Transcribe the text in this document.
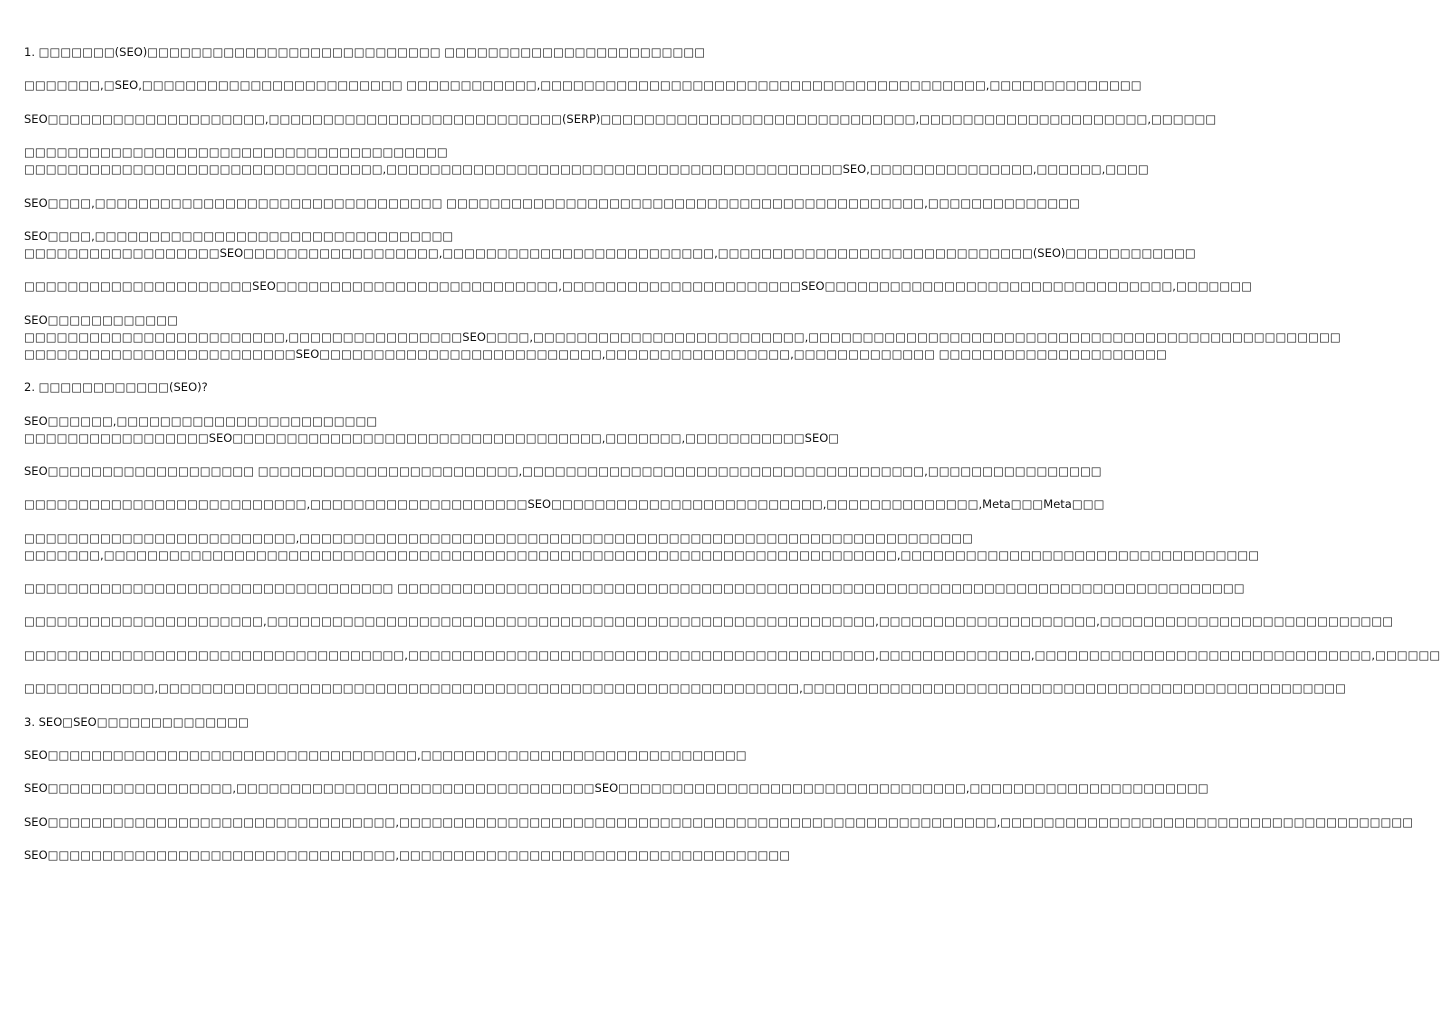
1. □□□□□□□(SEO)□□□□□□□□□□□□□□□□□□□□□□□□□□□ □□□□□□□□□□□□□□□□□□□□□□□□
□□□□□□□,□SEO,□□□□□□□□□□□□□□□□□□□□□□□□ □□□□□□□□□□□□,□□□□□□□□□□□□□□□□□□□□□□□□□□□□□□□□□□□□□□□□□,□□□□□□□□□□□□□□
SEO□□□□□□□□□□□□□□□□□□□□,□□□□□□□□□□□□□□□□□□□□□□□□□□□(SERP)□□□□□□□□□□□□□□□□□□□□□□□□□□□□□,□□□□□□□□□□□□□□□□□□□□□,□□□□□□
□□□□□□□□□□□□□□□□□□□□□□□□□□□□□□□□□□□□□□□
□□□□□□□□□□□□□□□□□□□□□□□□□□□□□□□□□,□□□□□□□□□□□□□□□□□□□□□□□□□□□□□□□□□□□□□□□□□□SEO,□□□□□□□□□□□□□□□,□□□□□□,□□□□
SEO□□□□,□□□□□□□□□□□□□□□□□□□□□□□□□□□□□□□□ □□□□□□□□□□□□□□□□□□□□□□□□□□□□□□□□□□□□□□□□□□□□,□□□□□□□□□□□□□□
SEO□□□□,□□□□□□□□□□□□□□□□□□□□□□□□□□□□□□□□□
□□□□□□□□□□□□□□□□□□SEO□□□□□□□□□□□□□□□□□□,□□□□□□□□□□□□□□□□□□□□□□□□□,□□□□□□□□□□□□□□□□□□□□□□□□□□□□□(SEO)□□□□□□□□□□□□
□□□□□□□□□□□□□□□□□□□□□SEO□□□□□□□□□□□□□□□□□□□□□□□□□□,□□□□□□□□□□□□□□□□□□□□□□SEO□□□□□□□□□□□□□□□□□□□□□□□□□□□□□□□□,□□□□□□□
SEO□□□□□□□□□□□□
□□□□□□□□□□□□□□□□□□□□□□□□,□□□□□□□□□□□□□□□□SEO□□□□,□□□□□□□□□□□□□□□□□□□□□□□□□,□□□□□□□□□□□□□□□□□□□□□□□□□□□□□□□□□□□□□□□□□□□□□□□□□
□□□□□□□□□□□□□□□□□□□□□□□□□SEO□□□□□□□□□□□□□□□□□□□□□□□□□□,□□□□□□□□□□□□□□□□□,□□□□□□□□□□□□□ □□□□□□□□□□□□□□□□□□□□□
2. □□□□□□□□□□□□(SEO)?
SEO□□□□□□,□□□□□□□□□□□□□□□□□□□□□□□□
□□□□□□□□□□□□□□□□□SEO□□□□□□□□□□□□□□□□□□□□□□□□□□□□□□□□□□,□□□□□□□,□□□□□□□□□□□SEO□
SEO□□□□□□□□□□□□□□□□□□□ □□□□□□□□□□□□□□□□□□□□□□□□,□□□□□□□□□□□□□□□□□□□□□□□□□□□□□□□□□□□□□,□□□□□□□□□□□□□□□□
□□□□□□□□□□□□□□□□□□□□□□□□□□,□□□□□□□□□□□□□□□□□□□□SEO□□□□□□□□□□□□□□□□□□□□□□□□□,□□□□□□□□□□□□□□,Meta□□□Meta□□□
□□□□□□□□□□□□□□□□□□□□□□□□□,□□□□□□□□□□□□□□□□□□□□□□□□□□□□□□□□□□□□□□□□□□□□□□□□□□□□□□□□□□□□□□
□□□□□□□,□□□□□□□□□□□□□□□□□□□□□□□□□□□□□□□□□□□□□□□□□□□□□□□□□□□□□□□□□□□□□□□□□□□□□□□□□,□□□□□□□□□□□□□□□□□□□□□□□□□□□□□□□□□
□□□□□□□□□□□□□□□□□□□□□□□□□□□□□□□□□□ □□□□□□□□□□□□□□□□□□□□□□□□□□□□□□□□□□□□□□□□□□□□□□□□□□□□□□□□□□□□□□□□□□□□□□□□□□□□□□
□□□□□□□□□□□□□□□□□□□□□□,□□□□□□□□□□□□□□□□□□□□□□□□□□□□□□□□□□□□□□□□□□□□□□□□□□□□□□□□,□□□□□□□□□□□□□□□□□□□□,□□□□□□□□□□□□□□□□□□□□□□□□□□□
□□□□□□□□□□□□□□□□□□□□□□□□□□□□□□□□□□□,□□□□□□□□□□□□□□□□□□□□□□□□□□□□□□□□□□□□□□□□□□□,□□□□□□□□□□□□□□,□□□□□□□□□□□□□□□□□□□□□□□□□□□□□□□,□□□□□□
□□□□□□□□□□□□,□□□□□□□□□□□□□□□□□□□□□□□□□□□□□□□□□□□□□□□□□□□□□□□□□□□□□□□□□□□,□□□□□□□□□□□□□□□□□□□□□□□□□□□□□□□□□□□□□□□□□□□□□□□□□□
3. SEO□SEO□□□□□□□□□□□□□□
SEO□□□□□□□□□□□□□□□□□□□□□□□□□□□□□□□□□□,□□□□□□□□□□□□□□□□□□□□□□□□□□□□□□
SEO□□□□□□□□□□□□□□□□□,□□□□□□□□□□□□□□□□□□□□□□□□□□□□□□□□□SEO□□□□□□□□□□□□□□□□□□□□□□□□□□□□□□□□,□□□□□□□□□□□□□□□□□□□□□□
SEO□□□□□□□□□□□□□□□□□□□□□□□□□□□□□□□□,□□□□□□□□□□□□□□□□□□□□□□□□□□□□□□□□□□□□□□□□□□□□□□□□□□□□□□□,□□□□□□□□□□□□□□□□□□□□□□□□□□□□□□□□□□□□□□
SEO□□□□□□□□□□□□□□□□□□□□□□□□□□□□□□□□,□□□□□□□□□□□□□□□□□□□□□□□□□□□□□□□□□□□□
